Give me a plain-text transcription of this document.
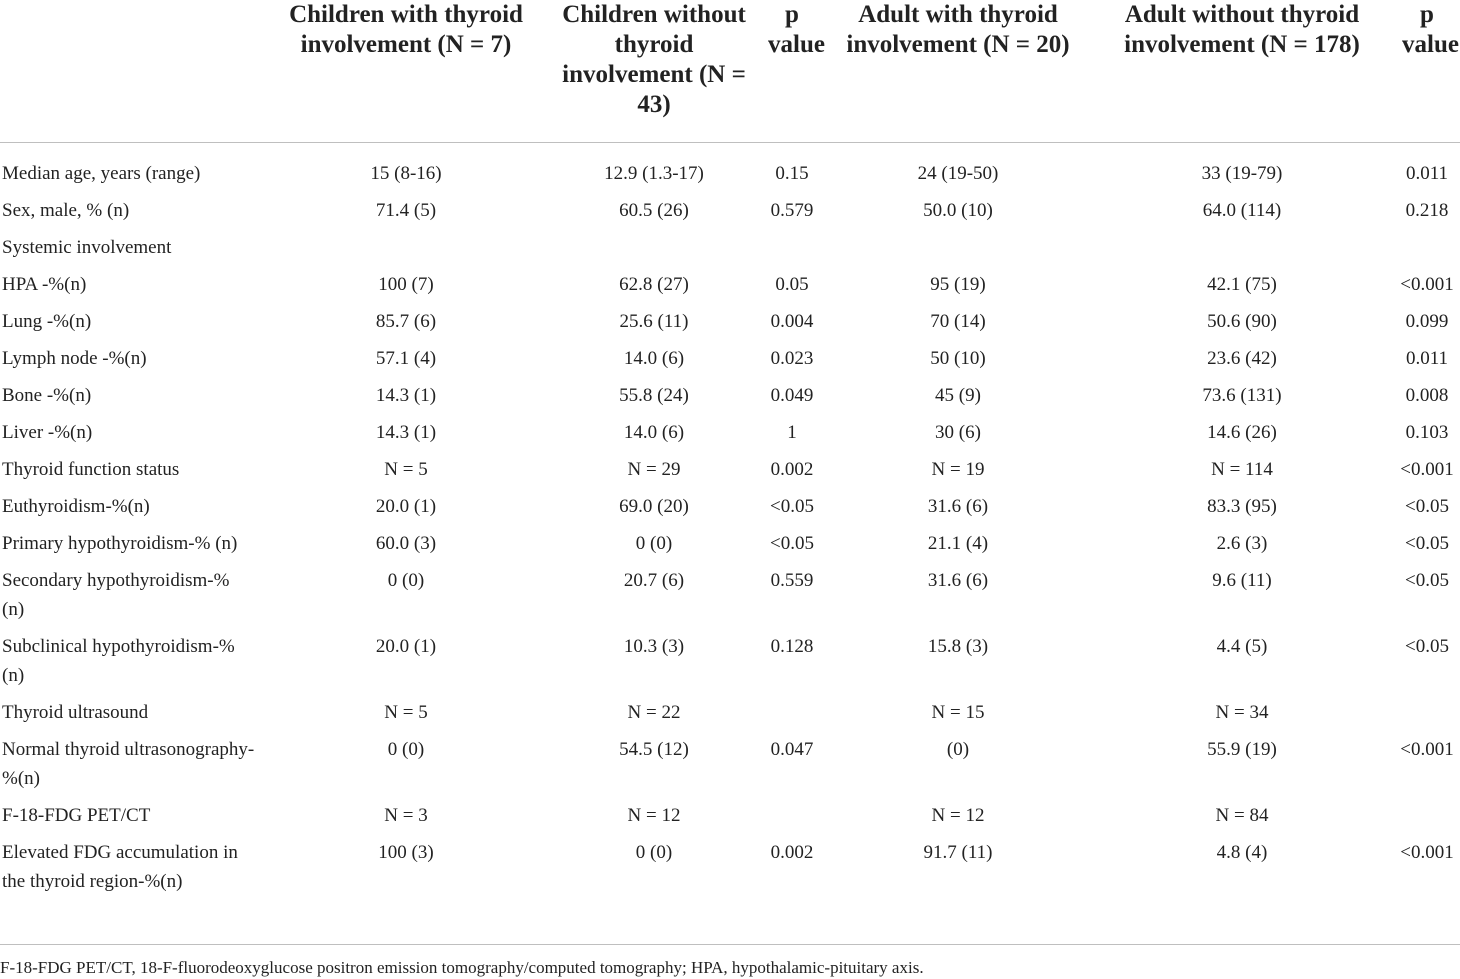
	Children with thyroid involvement (N = 7)	Children without thyroid involvement (N = 43)	p value	Adult with thyroid involvement (N = 20)	Adult without thyroid involvement (N = 178)	p value
Median age, years (range)	15 (8-16)	12.9 (1.3-17)	0.15	24 (19-50)	33 (19-79)	0.011
Sex, male, % (n)	71.4 (5)	60.5 (26)	0.579	50.0 (10)	64.0 (114)	0.218
Systemic involvement						
HPA -%(n)	100 (7)	62.8 (27)	0.05	95 (19)	42.1 (75)	<0.001
Lung -%(n)	85.7 (6)	25.6 (11)	0.004	70 (14)	50.6 (90)	0.099
Lymph node -%(n)	57.1 (4)	14.0 (6)	0.023	50 (10)	23.6 (42)	0.011
Bone -%(n)	14.3 (1)	55.8 (24)	0.049	45 (9)	73.6 (131)	0.008
Liver -%(n)	14.3 (1)	14.0 (6)	1	30 (6)	14.6 (26)	0.103
Thyroid function status	N = 5	N = 29	0.002	N = 19	N = 114	<0.001
Euthyroidism-%(n)	20.0 (1)	69.0 (20)	<0.05	31.6 (6)	83.3 (95)	<0.05
Primary hypothyroidism-% (n)	60.0 (3)	0 (0)	<0.05	21.1 (4)	2.6 (3)	<0.05
Secondary hypothyroidism-% (n)	0 (0)	20.7 (6)	0.559	31.6 (6)	9.6 (11)	<0.05
Subclinical hypothyroidism-%(n)	20.0 (1)	10.3 (3)	0.128	15.8 (3)	4.4 (5)	<0.05
Thyroid ultrasound	N = 5	N = 22		N = 15	N = 34	
Normal thyroid ultrasonography-%(n)	0 (0)	54.5 (12)	0.047	(0)	55.9 (19)	<0.001
F-18-FDG PET/CT	N = 3	N = 12		N = 12	N = 84	
Elevated FDG accumulation in the thyroid region-%(n)	100 (3)	0 (0)	0.002	91.7 (11)	4.8 (4)	<0.001
F-18-FDG PET/CT, 18-F-fluorodeoxyglucose positron emission tomography/computed tomography; HPA, hypothalamic-pituitary axis.
